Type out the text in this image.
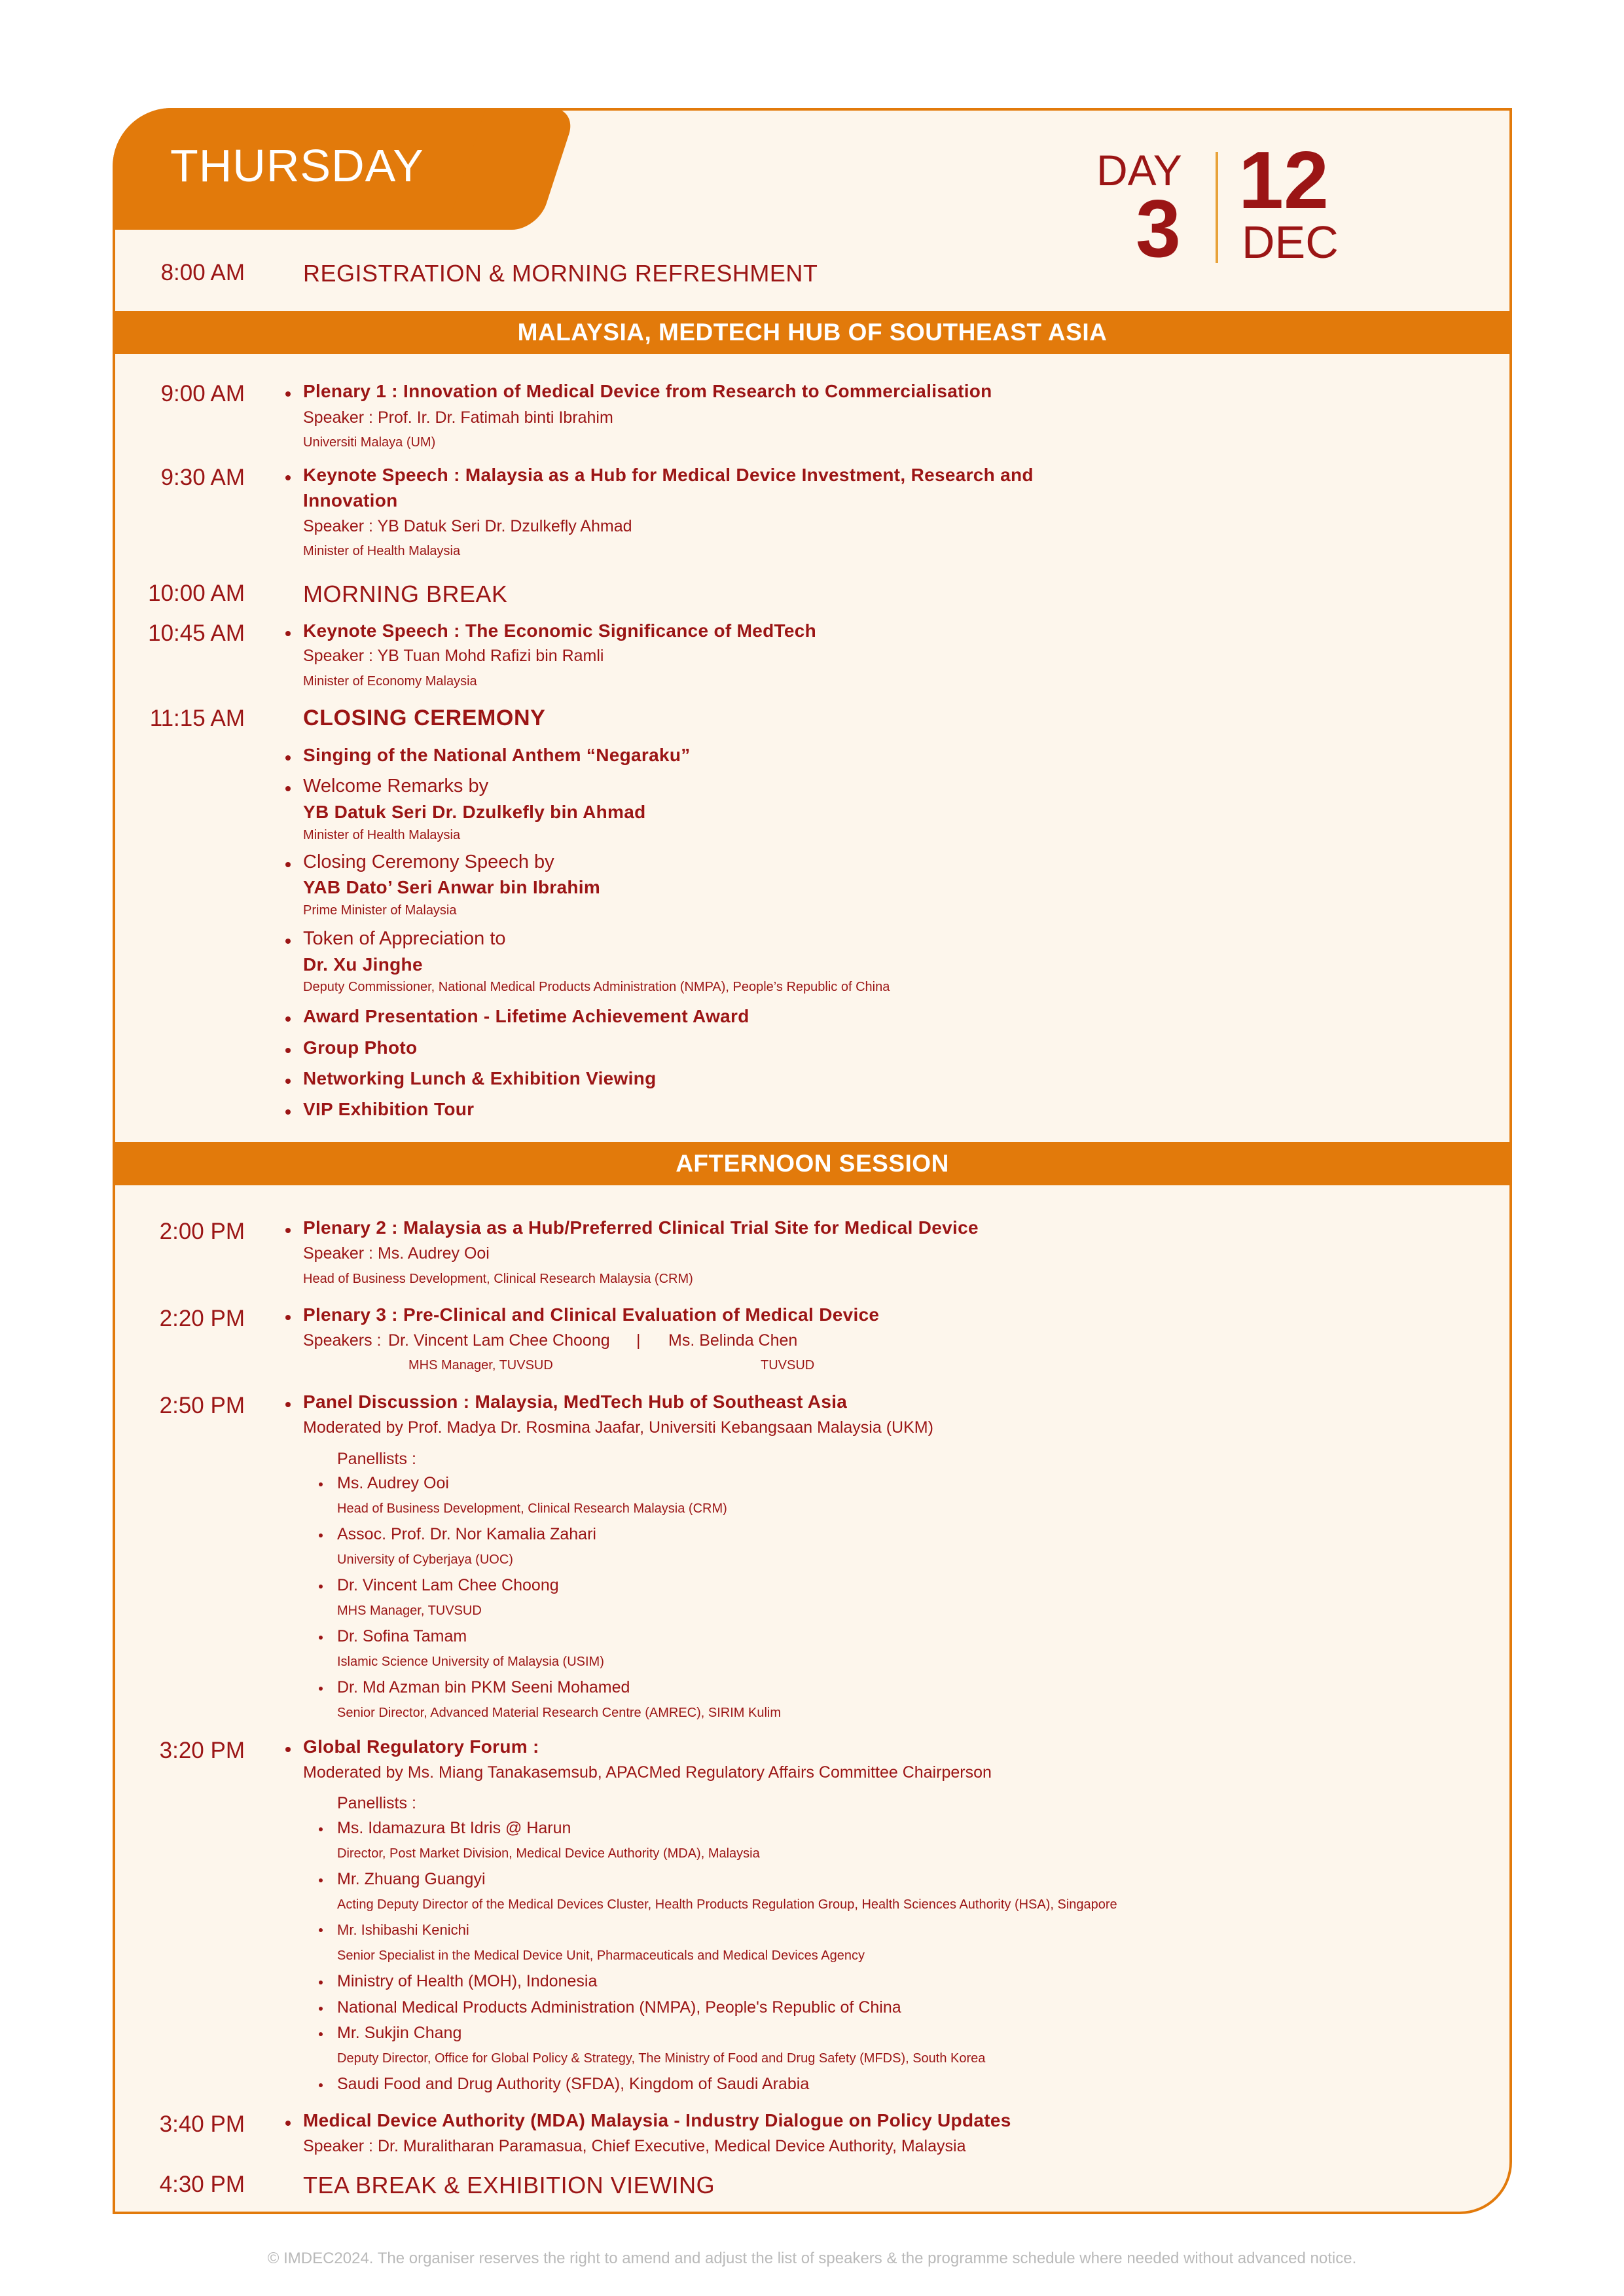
THURSDAY	DAY
3
12
DEC
8:00 AM REGISTRATION & MORNING REFRESHMENT
MALAYSIA, MEDTECH HUB OF SOUTHEAST ASIA
9:00 AM	Plenary 1 : Innovation of Medical Device from Research to Commercialisation
Speaker : Prof. Ir. Dr. Fatimah binti Ibrahim
Universiti Malaya (UM)
9:30 AM	Keynote Speech : Malaysia as a Hub for Medical Device Investment, Research and
Innovation
Speaker : YB Datuk Seri Dr. Dzulkefly Ahmad
Minister of Health Malaysia
10:00 AM MORNING BREAK
10:45 AM	Keynote Speech : The Economic Significance of MedTech
Speaker : YB Tuan Mohd Rafizi bin Ramli
Minister of Economy Malaysia
11:15 AM	CLOSING CEREMONY
Singing of the National Anthem “Negaraku”
Welcome Remarks by
YB Datuk Seri Dr. Dzulkefly bin Ahmad
Minister of Health Malaysia
Closing Ceremony Speech by
YAB Dato’ Seri Anwar bin Ibrahim
Prime Minister of Malaysia
Token of Appreciation to
Dr. Xu Jinghe
Deputy Commissioner, National Medical Products Administration (NMPA), People’s Republic of China
Award Presentation - Lifetime Achievement Award
Group Photo
Networking Lunch & Exhibition Viewing
VIP Exhibition Tour
AFTERNOON SESSION
2:00 PM	Plenary 2 : Malaysia as a Hub/Preferred Clinical Trial Site for Medical Device
Speaker : Ms. Audrey Ooi
Head of Business Development, Clinical Research Malaysia (CRM)
2:20 PM	Plenary 3 : Pre-Clinical and Clinical Evaluation of Medical Device
Speakers : Dr. Vincent Lam Chee Choong | Ms. Belinda Chen
MHS Manager, TUVSUD	TUVSUD
2:50 PM	Panel Discussion : Malaysia, MedTech Hub of Southeast Asia
Moderated by Prof. Madya Dr. Rosmina Jaafar, Universiti Kebangsaan Malaysia (UKM)
Panellists :
Ms. Audrey Ooi
Head of Business Development, Clinical Research Malaysia (CRM)
Assoc. Prof. Dr. Nor Kamalia Zahari
University of Cyberjaya (UOC)
Dr. Vincent Lam Chee Choong
MHS Manager, TUVSUD
Dr. Sofina Tamam
Islamic Science University of Malaysia (USIM)
Dr. Md Azman bin PKM Seeni Mohamed
Senior Director, Advanced Material Research Centre (AMREC), SIRIM Kulim
3:20 PM	Global Regulatory Forum :
Moderated by Ms. Miang Tanakasemsub, APACMed Regulatory Affairs Committee Chairperson
Panellists :
Ms. Idamazura Bt Idris @ Harun
Director, Post Market Division, Medical Device Authority (MDA), Malaysia
Mr. Zhuang Guangyi
Acting Deputy Director of the Medical Devices Cluster, Health Products Regulation Group, Health Sciences Authority (HSA), Singapore
Mr. Ishibashi Kenichi
Senior Specialist in the Medical Device Unit, Pharmaceuticals and Medical Devices Agency
Ministry of Health (MOH), Indonesia
National Medical Products Administration (NMPA), People's Republic of China
Mr. Sukjin Chang
Deputy Director, Office for Global Policy & Strategy, The Ministry of Food and Drug Safety (MFDS), South Korea
Saudi Food and Drug Authority (SFDA), Kingdom of Saudi Arabia
3:40 PM	Medical Device Authority (MDA) Malaysia - Industry Dialogue on Policy Updates
Speaker : Dr. Muralitharan Paramasua, Chief Executive, Medical Device Authority, Malaysia
4:30 PM TEA BREAK & EXHIBITION VIEWING
© IMDEC2024. The organiser reserves the right to amend and adjust the list of speakers & the programme schedule where needed without advanced notice.
